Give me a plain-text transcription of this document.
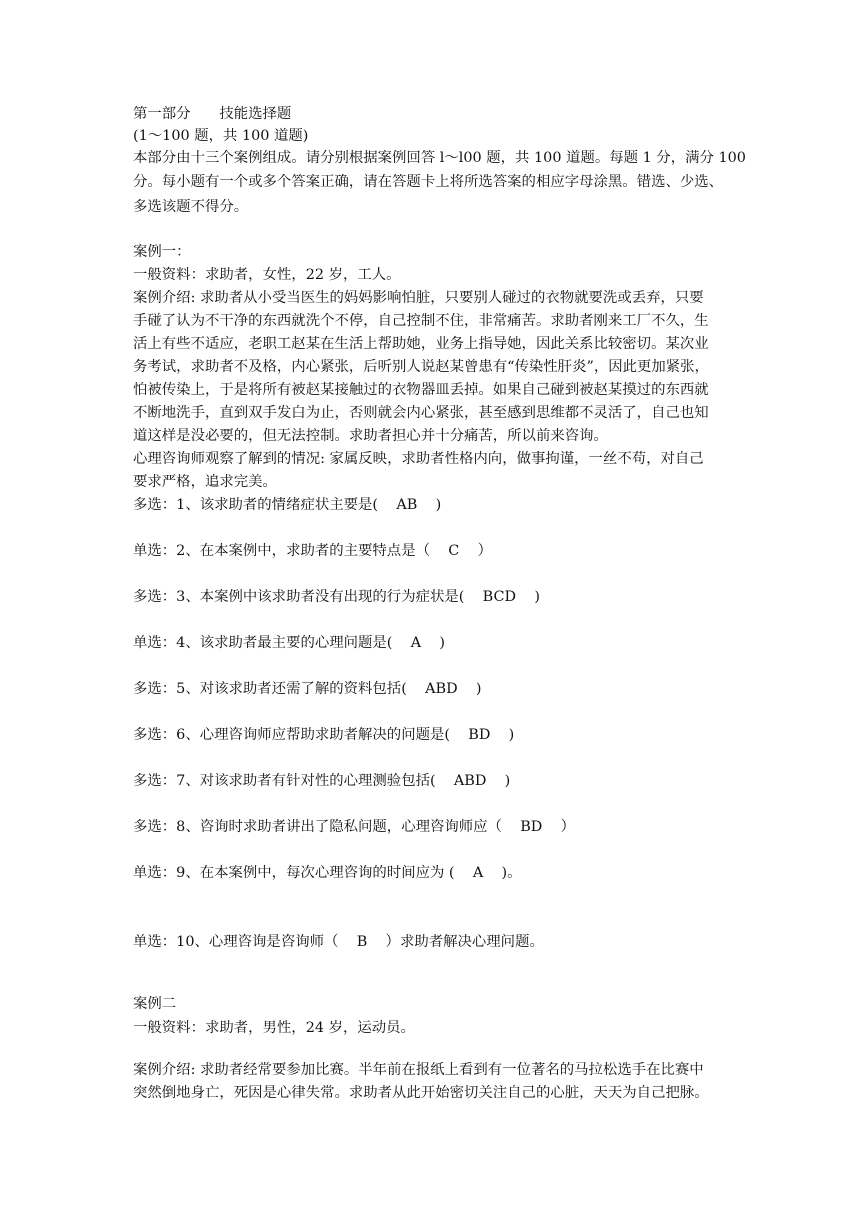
第一部分　　技能选择题
(1～100 题，共 100 道题)
本部分由十三个案例组成。请分别根据案例回答 l～l00 题，共 100 道题。每题 1 分，满分 100
分。每小题有一个或多个答案正确，请在答题卡上将所选答案的相应字母涂黑。错选、少选、
多选该题不得分。
案例一：
一般资料：求助者，女性，22 岁，工人。
案例介绍: 求助者从小受当医生的妈妈影响怕脏，只要别人碰过的衣物就要洗或丢弃，只要
手碰了认为不干净的东西就洗个不停，自己控制不住，非常痛苦。求助者刚来工厂不久，生
活上有些不适应，老职工赵某在生活上帮助她，业务上指导她，因此关系比较密切。某次业
务考试，求助者不及格，内心紧张，后听别人说赵某曾患有“传染性肝炎”，因此更加紧张，
怕被传染上，于是将所有被赵某接触过的衣物器皿丢掉。如果自己碰到被赵某摸过的东西就
不断地洗手，直到双手发白为止，否则就会内心紧张，甚至感到思维都不灵活了，自己也知
道这样是没必要的，但无法控制。求助者担心并十分痛苦，所以前来咨询。
心理咨询师观察了解到的情况: 家属反映，求助者性格内向，做事拘谨，一丝不苟，对自己
要求严格，追求完美。
多选：1、该求助者的情绪症状主要是(    AB    )

单选：2、在本案例中，求助者的主要特点是（    C    ）

多选：3、本案例中该求助者没有出现的行为症状是(    BCD    )

单选：4、该求助者最主要的心理问题是(    A    )

多选：5、对该求助者还需了解的资料包括(    ABD    )

多选：6、心理咨询师应帮助求助者解决的问题是(    BD    )

多选：7、对该求助者有针对性的心理测验包括(    ABD    )

多选：8、咨询时求助者讲出了隐私问题，心理咨询师应（    BD    ）

单选：9、在本案例中，每次心理咨询的时间应为 (    A    )。

单选：10、心理咨询是咨询师（    B    ）求助者解决心理问题。

案例二
一般资料：求助者，男性，24 岁，运动员。
案例介绍: 求助者经常要参加比赛。半年前在报纸上看到有一位著名的马拉松选手在比赛中
突然倒地身亡，死因是心律失常。求助者从此开始密切关注自己的心脏，天天为自己把脉。
